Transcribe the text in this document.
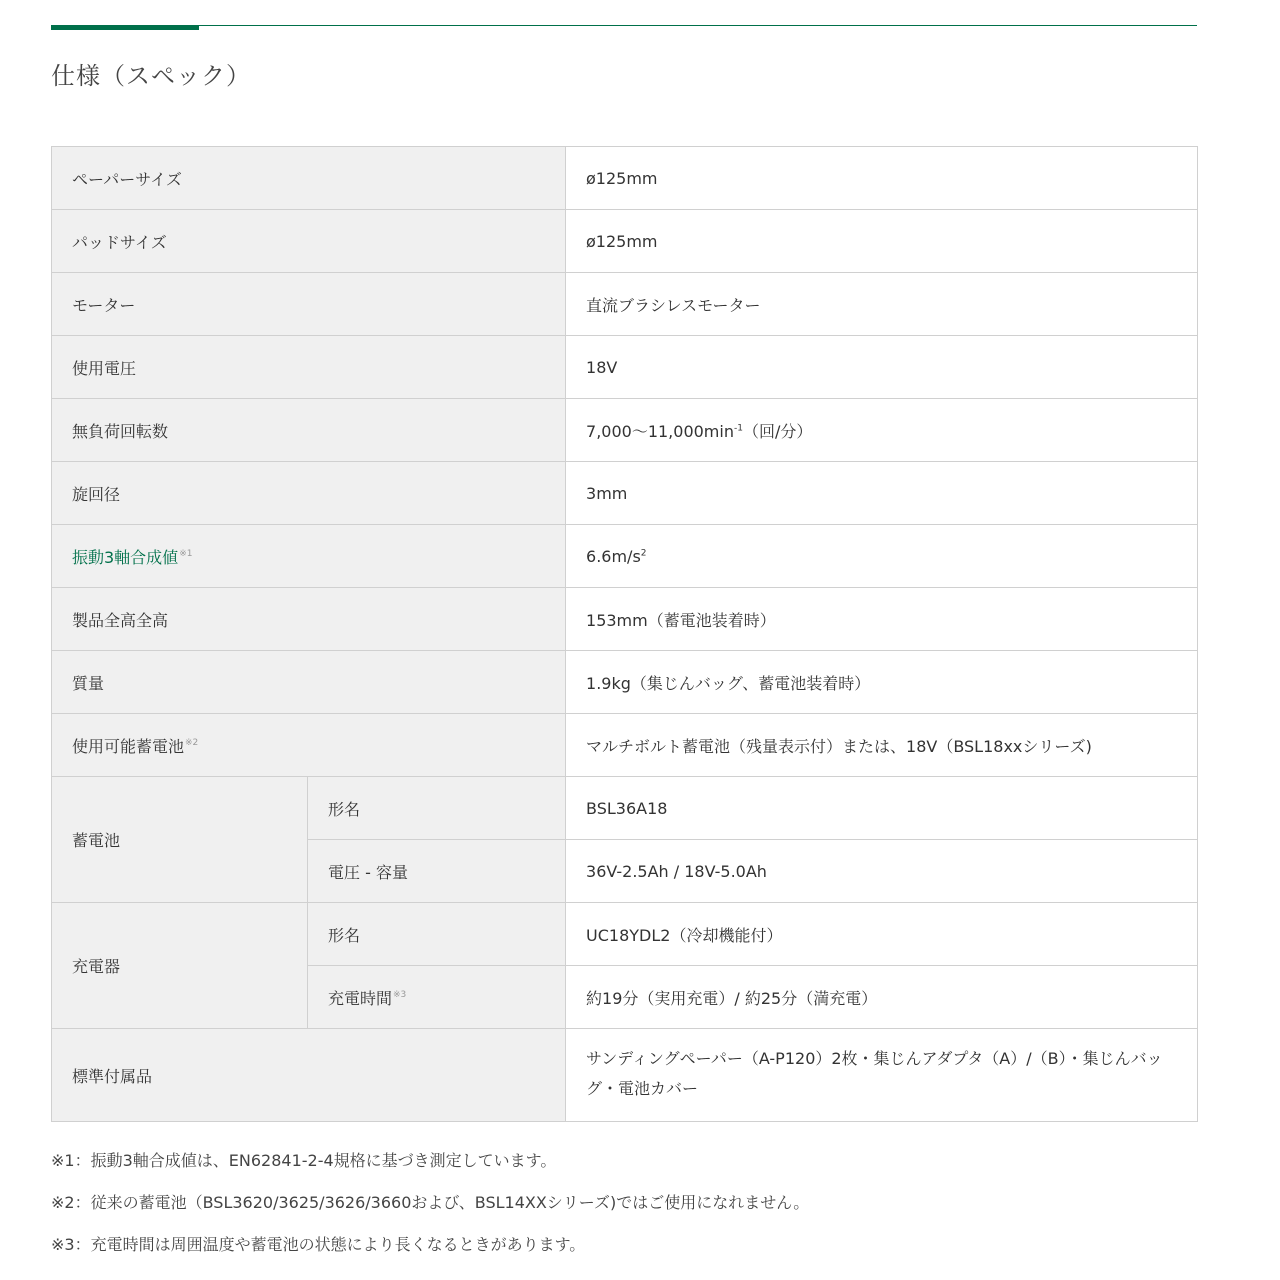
仕様（スペック）
ペーパーサイズ		ø125mm
パッドサイズ		ø125mm
モーター		直流ブラシレスモーター
使用電圧		18V
無負荷回転数		$7,000\sim 11,000\min^{-1}$（回/分）
旋回径		3mm
振動3軸合成値$^{※1}$		$6.6m/s^2$
製品全高全高		153mm（蓄電池装着時）
質量		1.9kg（集じんバッグ、蓄電池装着時）
使用可能蓄電池$^{※2}$		マルチボルト蓄電池（残量表示付）または、18V（BSL18xxシリーズ)
蓄電池	形名	BSL36A18
	電圧 - 容量	36V-2.5Ah / 18V-5.0Ah
充電器	形名	UC18YDL2（冷却機能付）
	充電時間$^{※3}$	約19分（実用充電）/ 約25分（満充電）
標準付属品		サンディングペーパー（A-P120）2枚・集じんアダプタ（A）/（B）・集じんバッグ・電池カバー

※1：振動3軸合成値は、EN62841-2-4規格に基づき測定しています。

※2：従来の蓄電池（BSL3620/3625/3626/3660および、BSL14XXシリーズ)ではご使用になれません。

※3：充電時間は周囲温度や蓄電池の状態により長くなるときがあります。
